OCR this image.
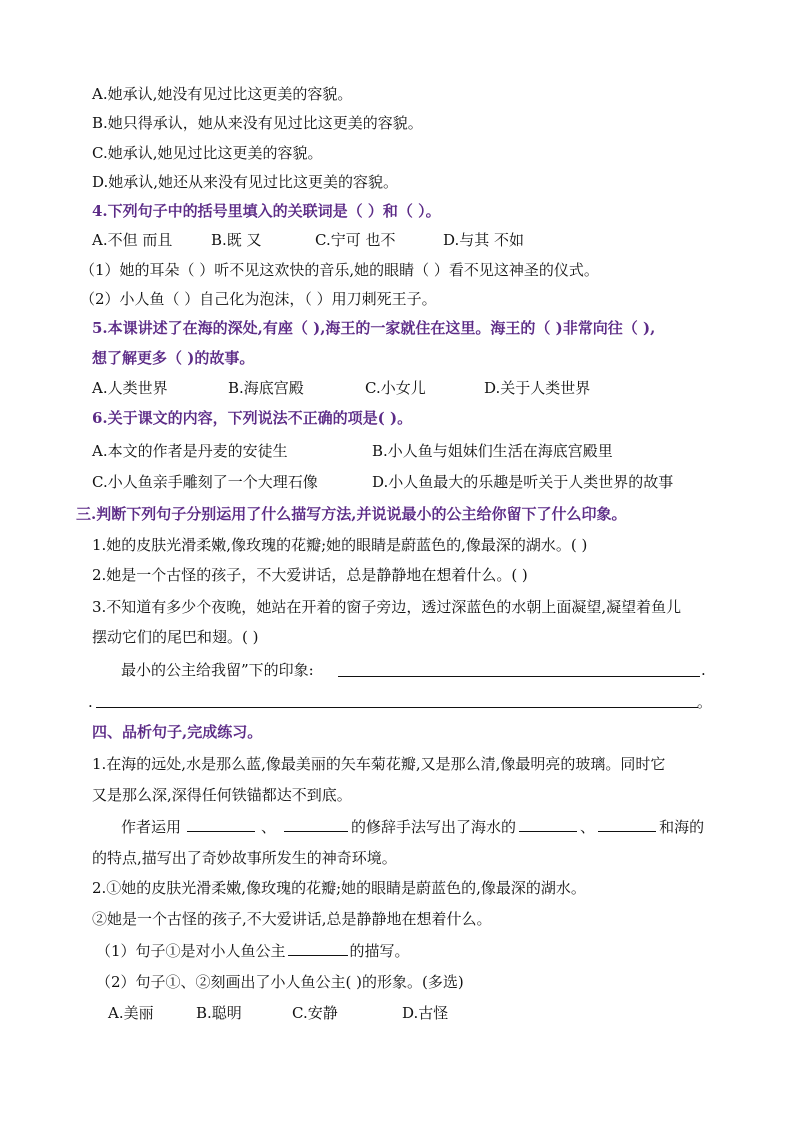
A.她承认,她没有见过比这更美的容貌。
B.她只得承认，她从来没有见过比这更美的容貌。
C.她承认,她见过比这更美的容貌。
D.她承认,她还从来没有见过比这更美的容貌。
4.下列句子中的括号里填入的关联词是（ ）和（ ）。
A.不但 而且	B.既 又	C.宁可 也不	D.与其 不如
（1）她的耳朵（ ）听不见这欢快的音乐,她的眼睛（ ）看不见这神圣的仪式。
（2）小人鱼（ ）自己化为泡沫，（ ）用刀刺死王子。
5.本课讲述了在海的深处,有座（ ),海王的一家就住在这里。海王的（ )非常向往（ ),
想了解更多（ )的故事。
A.人类世界	B.海底宫殿	C.小女儿	D.关于人类世界
6.关于课文的内容，下列说法不正确的项是( )。
A.本文的作者是丹麦的安徒生	B.小人鱼与姐妹们生活在海底宫殿里
C.小人鱼亲手雕刻了一个大理石像	D.小人鱼最大的乐趣是听关于人类世界的故事
三.判断下列句子分别运用了什么描写方法,并说说最小的公主给你留下了什么印象。
1.她的皮肤光滑柔嫩,像玫瑰的花瓣;她的眼睛是蔚蓝色的,像最深的湖水。( )
2.她是一个古怪的孩子，不大爱讲话，总是静静地在想着什么。( )
3.不知道有多少个夜晚，她站在开着的窗子旁边，透过深蓝色的水朝上面凝望,凝望着鱼儿
摆动它们的尾巴和翅。( )
最小的公主给我留”下的印象:	.
.	。
四、品析句子,完成练习。
1.在海的远处,水是那么蓝,像最美丽的矢车菊花瓣,又是那么清,像最明亮的玻璃。同时它
又是那么深,深得任何铁锚都达不到底。
作者运用	、	的修辞手法写出了海水的	、	和海的
的特点,描写出了奇妙故事所发生的神奇环境。
2.①她的皮肤光滑柔嫩,像玫瑰的花瓣;她的眼睛是蔚蓝色的,像最深的湖水。
②她是一个古怪的孩子,不大爱讲话,总是静静地在想着什么。
（1）句子①是对小人鱼公主	的描写。
（2）句子①、②刻画出了小人鱼公主( )的形象。(多选)
A.美丽	B.聪明	C.安静	D.古怪
